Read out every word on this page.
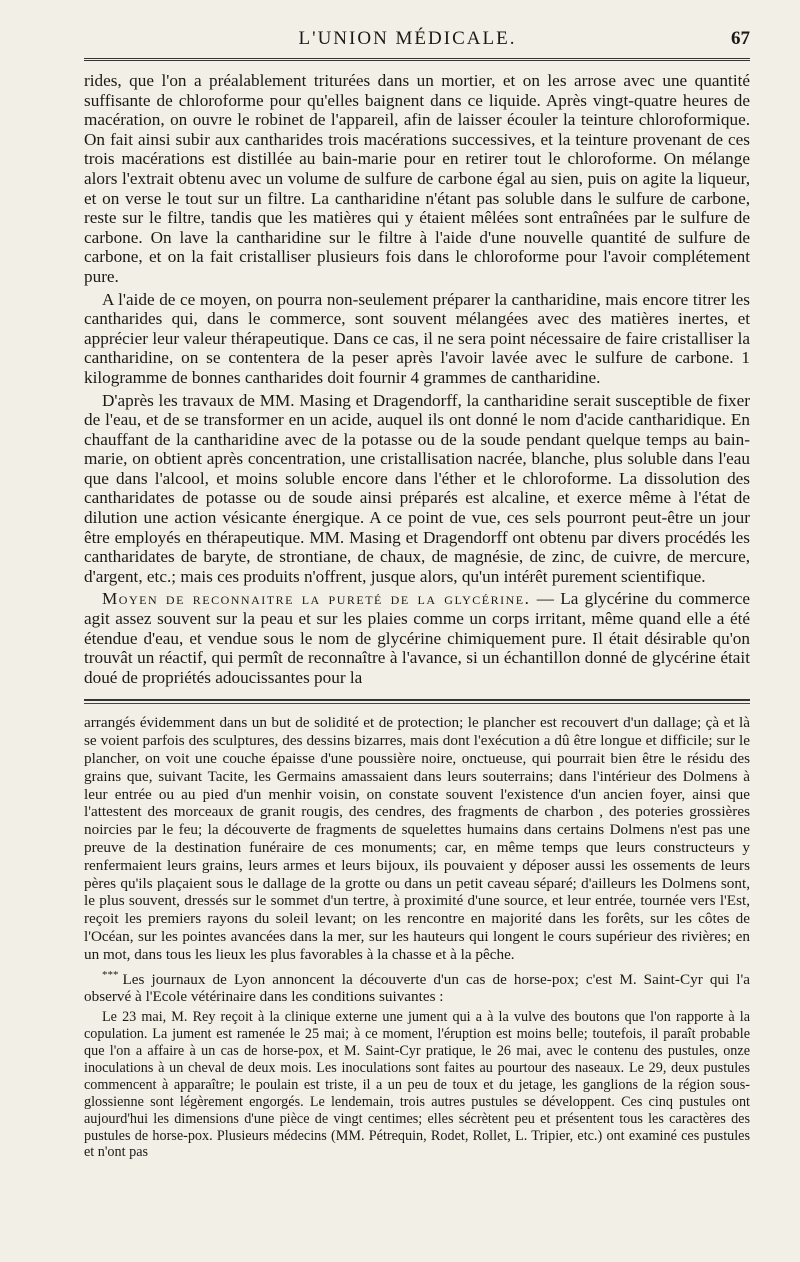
L'UNION MÉDICALE.	67

rides, que l'on a préalablement triturées dans un mortier, et on les arrose avec une quantité suffisante de chloroforme pour qu'elles baignent dans ce liquide. Après vingt-quatre heures de macération, on ouvre le robinet de l'appareil, afin de laisser écouler la teinture chloroformique. On fait ainsi subir aux cantharides trois macérations successives, et la teinture provenant de ces trois macérations est distillée au bain-marie pour en retirer tout le chloroforme. On mélange alors l'extrait obtenu avec un volume de sulfure de carbone égal au sien, puis on agite la liqueur, et on verse le tout sur un filtre. La cantharidine n'étant pas soluble dans le sulfure de carbone, reste sur le filtre, tandis que les matières qui y étaient mêlées sont entraînées par le sulfure de carbone. On lave la cantharidine sur le filtre à l'aide d'une nouvelle quantité de sulfure de carbone, et on la fait cristalliser plusieurs fois dans le chloroforme pour l'avoir complétement pure.

A l'aide de ce moyen, on pourra non-seulement préparer la cantharidine, mais encore titrer les cantharides qui, dans le commerce, sont souvent mélangées avec des matières inertes, et apprécier leur valeur thérapeutique. Dans ce cas, il ne sera point nécessaire de faire cristalliser la cantharidine, on se contentera de la peser après l'avoir lavée avec le sulfure de carbone. 1 kilogramme de bonnes cantharides doit fournir 4 grammes de cantharidine.

D'après les travaux de MM. Masing et Dragendorff, la cantharidine serait susceptible de fixer de l'eau, et de se transformer en un acide, auquel ils ont donné le nom d'acide cantharidique. En chauffant de la cantharidine avec de la potasse ou de la soude pendant quelque temps au bain-marie, on obtient après concentration, une cristallisation nacrée, blanche, plus soluble dans l'eau que dans l'alcool, et moins soluble encore dans l'éther et le chloroforme. La dissolution des cantharidates de potasse ou de soude ainsi préparés est alcaline, et exerce même à l'état de dilution une action vésicante énergique. A ce point de vue, ces sels pourront peut-être un jour être employés en thérapeutique. MM. Masing et Dragendorff ont obtenu par divers procédés les cantharidates de baryte, de strontiane, de chaux, de magnésie, de zinc, de cuivre, de mercure, d'argent, etc.; mais ces produits n'offrent, jusque alors, qu'un intérêt purement scientifique.

Moyen de reconnaitre la pureté de la glycérine. — La glycérine du commerce agit assez souvent sur la peau et sur les plaies comme un corps irritant, même quand elle a été étendue d'eau, et vendue sous le nom de glycérine chimiquement pure. Il était désirable qu'on trouvât un réactif, qui permît de reconnaître à l'avance, si un échantillon donné de glycérine était doué de propriétés adoucissantes pour la

arrangés évidemment dans un but de solidité et de protection; le plancher est recouvert d'un dallage; çà et là se voient parfois des sculptures, des dessins bizarres, mais dont l'exécution a dû être longue et difficile; sur le plancher, on voit une couche épaisse d'une poussière noire, onctueuse, qui pourrait bien être le résidu des grains que, suivant Tacite, les Germains amassaient dans leurs souterrains; dans l'intérieur des Dolmens à leur entrée ou au pied d'un menhir voisin, on constate souvent l'existence d'un ancien foyer, ainsi que l'attestent des morceaux de granit rougis, des cendres, des fragments de charbon , des poteries grossières noircies par le feu; la découverte de fragments de squelettes humains dans certains Dolmens n'est pas une preuve de la destination funéraire de ces monuments; car, en même temps que leurs constructeurs y renfermaient leurs grains, leurs armes et leurs bijoux, ils pouvaient y déposer aussi les ossements de leurs pères qu'ils plaçaient sous le dallage de la grotte ou dans un petit caveau séparé; d'ailleurs les Dolmens sont, le plus souvent, dressés sur le sommet d'un tertre, à proximité d'une source, et leur entrée, tournée vers l'Est, reçoit les premiers rayons du soleil levant; on les rencontre en majorité dans les forêts, sur les côtes de l'Océan, sur les pointes avancées dans la mer, sur les hauteurs qui longent le cours supérieur des rivières; en un mot, dans tous les lieux les plus favorables à la chasse et à la pêche.

*** Les journaux de Lyon annoncent la découverte d'un cas de horse-pox; c'est M. Saint-Cyr qui l'a observé à l'Ecole vétérinaire dans les conditions suivantes :

Le 23 mai, M. Rey reçoit à la clinique externe une jument qui a à la vulve des boutons que l'on rapporte à la copulation. La jument est ramenée le 25 mai; à ce moment, l'éruption est moins belle; toutefois, il paraît probable que l'on a affaire à un cas de horse-pox, et M. Saint-Cyr pratique, le 26 mai, avec le contenu des pustules, onze inoculations à un cheval de deux mois. Les inoculations sont faites au pourtour des naseaux. Le 29, deux pustules commencent à apparaître; le poulain est triste, il a un peu de toux et du jetage, les ganglions de la région sous-glossienne sont légèrement engorgés. Le lendemain, trois autres pustules se développent. Ces cinq pustules ont aujourd'hui les dimensions d'une pièce de vingt centimes; elles sécrètent peu et présentent tous les caractères des pustules de horse-pox. Plusieurs médecins (MM. Pétrequin, Rodet, Rollet, L. Tripier, etc.) ont examiné ces pustules et n'ont pas
